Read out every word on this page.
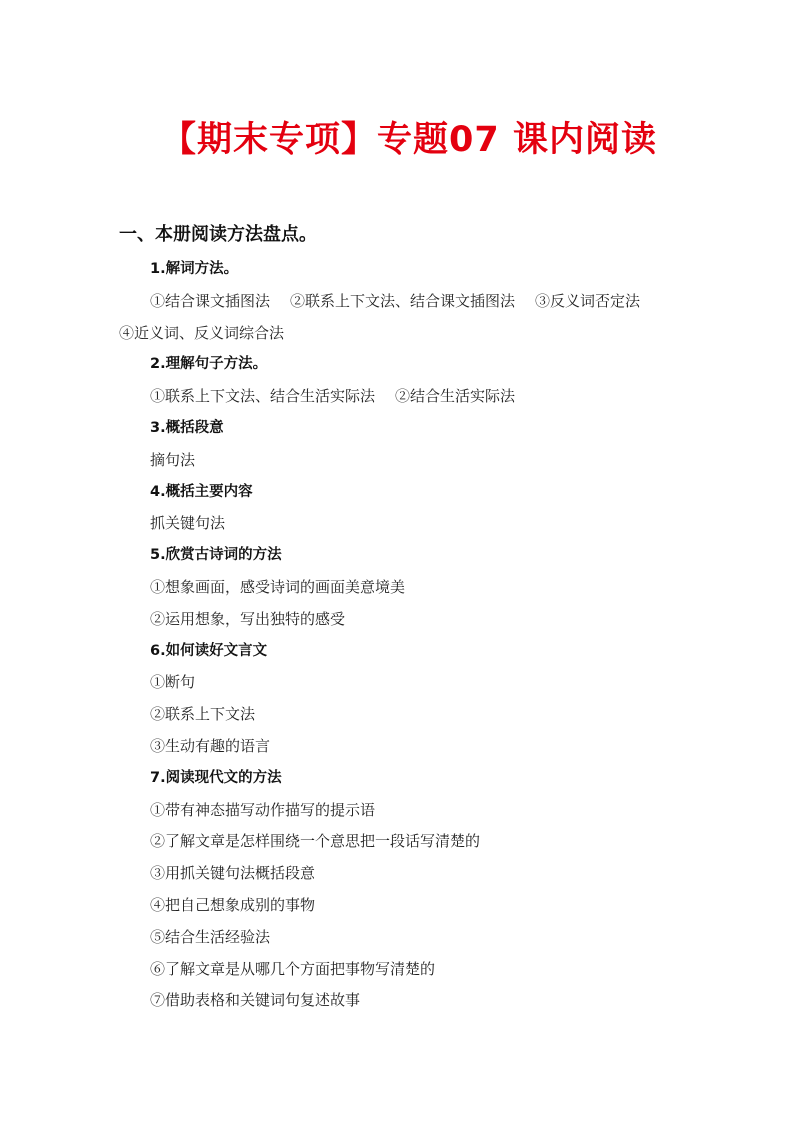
【期末专项】专题07 课内阅读
一、本册阅读方法盘点。
1.解词方法。
①结合课文插图法 ②联系上下文法、结合课文插图法 ③反义词否定法
④近义词、反义词综合法
2.理解句子方法。
①联系上下文法、结合生活实际法 ②结合生活实际法
3.概括段意
摘句法
4.概括主要内容
抓关键句法
5.欣赏古诗词的方法
①想象画面，感受诗词的画面美意境美
②运用想象，写出独特的感受
6.如何读好文言文
①断句
②联系上下文法
③生动有趣的语言
7.阅读现代文的方法
①带有神态描写动作描写的提示语
②了解文章是怎样围绕一个意思把一段话写清楚的
③用抓关键句法概括段意
④把自己想象成别的事物
⑤结合生活经验法
⑥了解文章是从哪几个方面把事物写清楚的
⑦借助表格和关键词句复述故事
